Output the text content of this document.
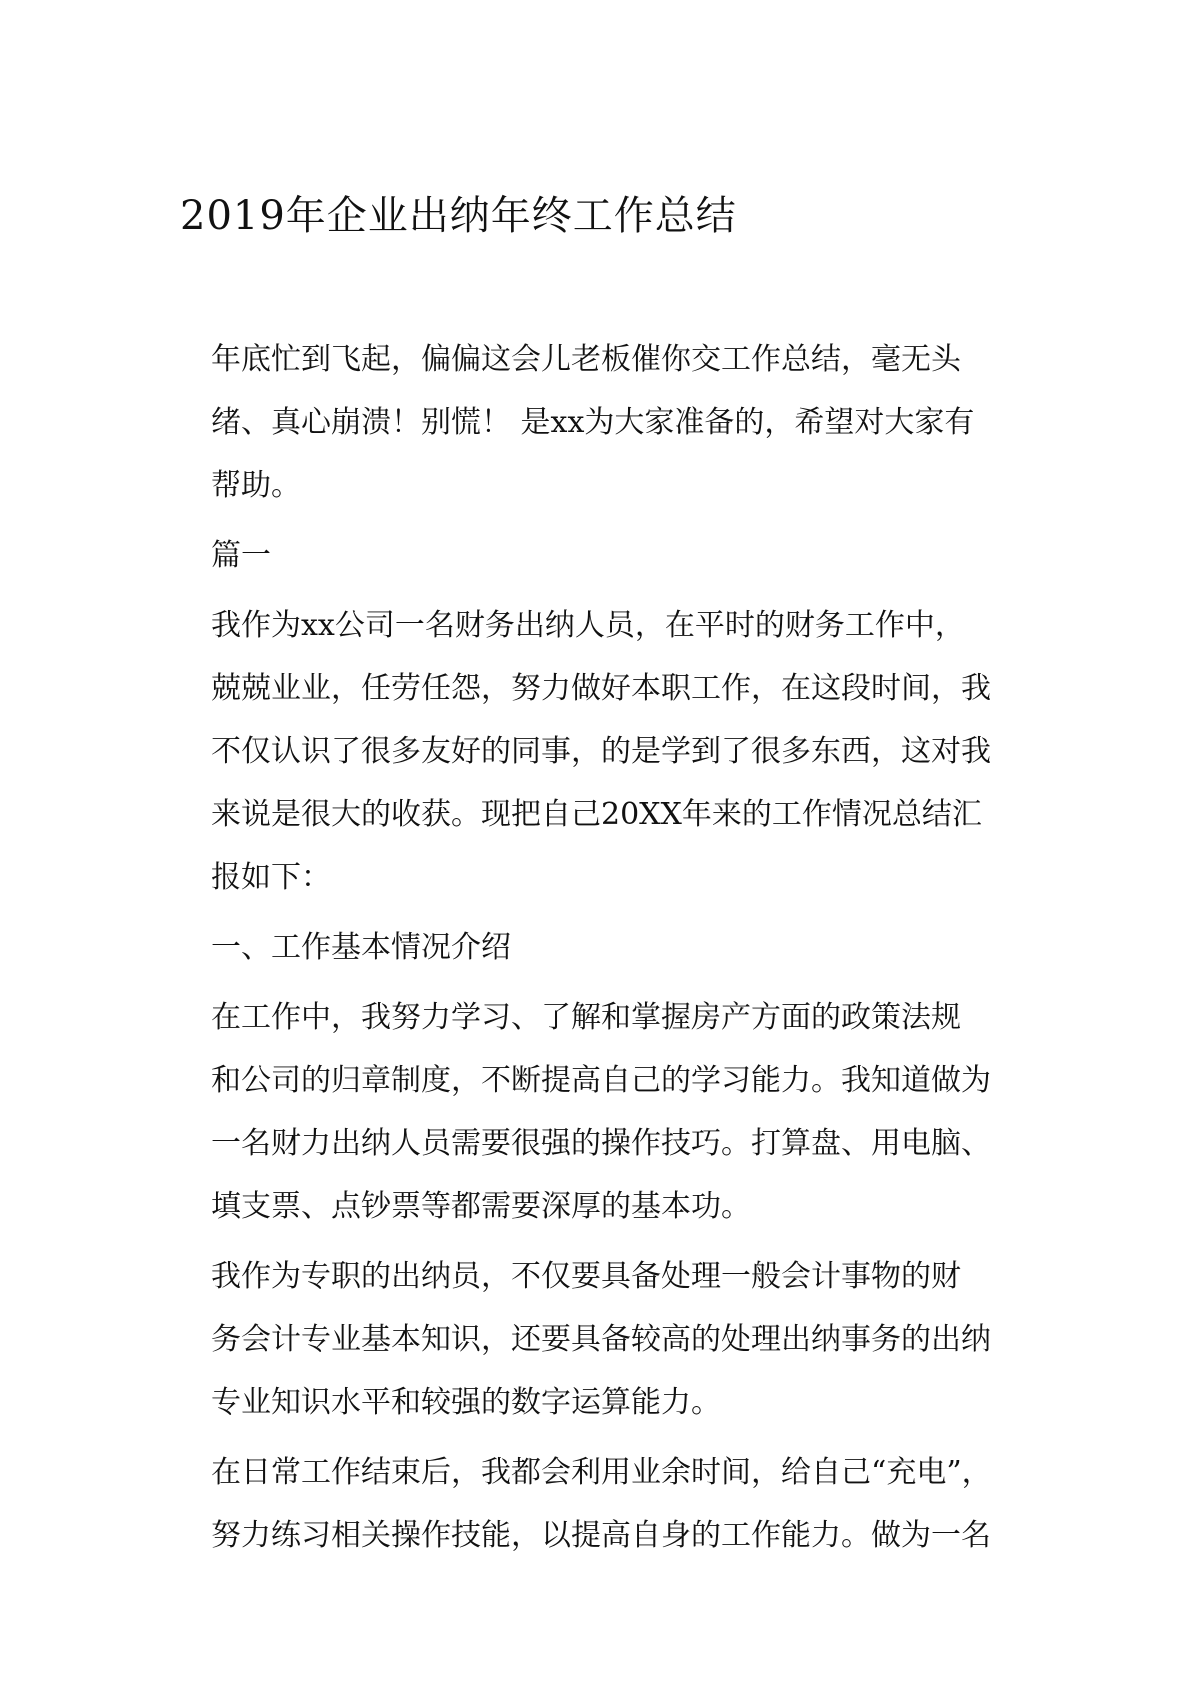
2019年企业出纳年终工作总结

年底忙到飞起，偏偏这会儿老板催你交工作总结，毫无头
绪、真心崩溃！别慌！ 是xx为大家准备的，希望对大家有
帮助。

篇一

我作为xx公司一名财务出纳人员，在平时的财务工作中，
兢兢业业，任劳任怨，努力做好本职工作，在这段时间，我
不仅认识了很多友好的同事，的是学到了很多东西，这对我
来说是很大的收获。现把自己20XX年来的工作情况总结汇
报如下：

一、工作基本情况介绍

在工作中，我努力学习、了解和掌握房产方面的政策法规
和公司的归章制度，不断提高自己的学习能力。我知道做为
一名财力出纳人员需要很强的操作技巧。打算盘、用电脑、
填支票、点钞票等都需要深厚的基本功。

我作为专职的出纳员，不仅要具备处理一般会计事物的财
务会计专业基本知识，还要具备较高的处理出纳事务的出纳
专业知识水平和较强的数字运算能力。

在日常工作结束后，我都会利用业余时间，给自己“充电”，
努力练习相关操作技能，以提高自身的工作能力。做为一名
